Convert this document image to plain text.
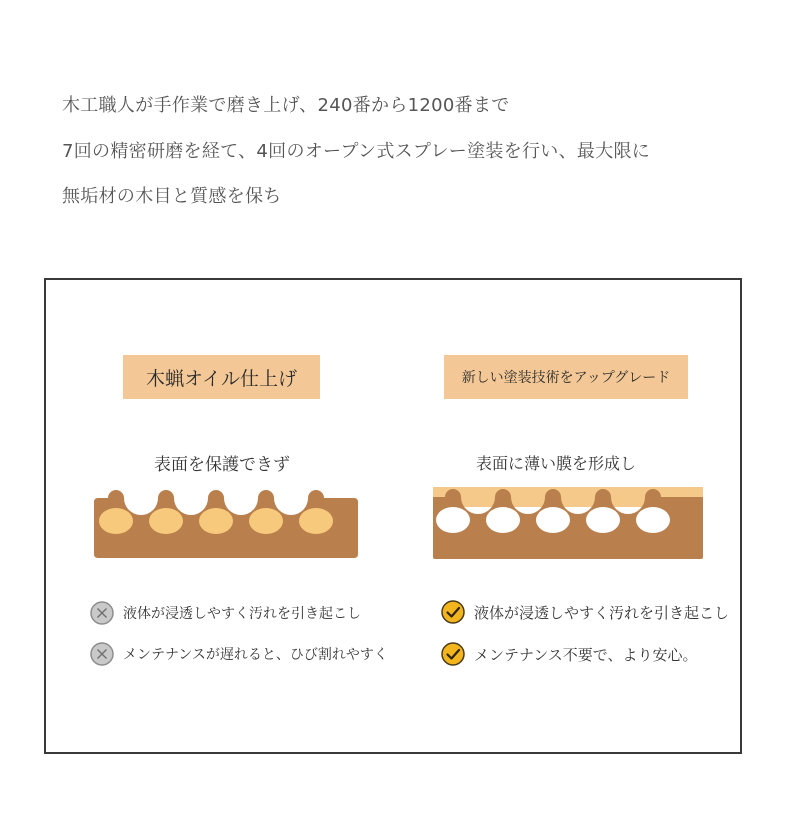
木工職人が手作業で磨き上げ、240番から1200番まで
7回の精密研磨を経て、4回のオープン式スプレー塗装を行い、最大限に
無垢材の木目と質感を保ち
木蝋オイル仕上げ
表面を保護できず
液体が浸透しやすく汚れを引き起こし
メンテナンスが遅れると、ひび割れやすく
新しい塗装技術をアップグレード
表面に薄い膜を形成し
液体が浸透しやすく汚れを引き起こし
メンテナンス不要で、より安心。
